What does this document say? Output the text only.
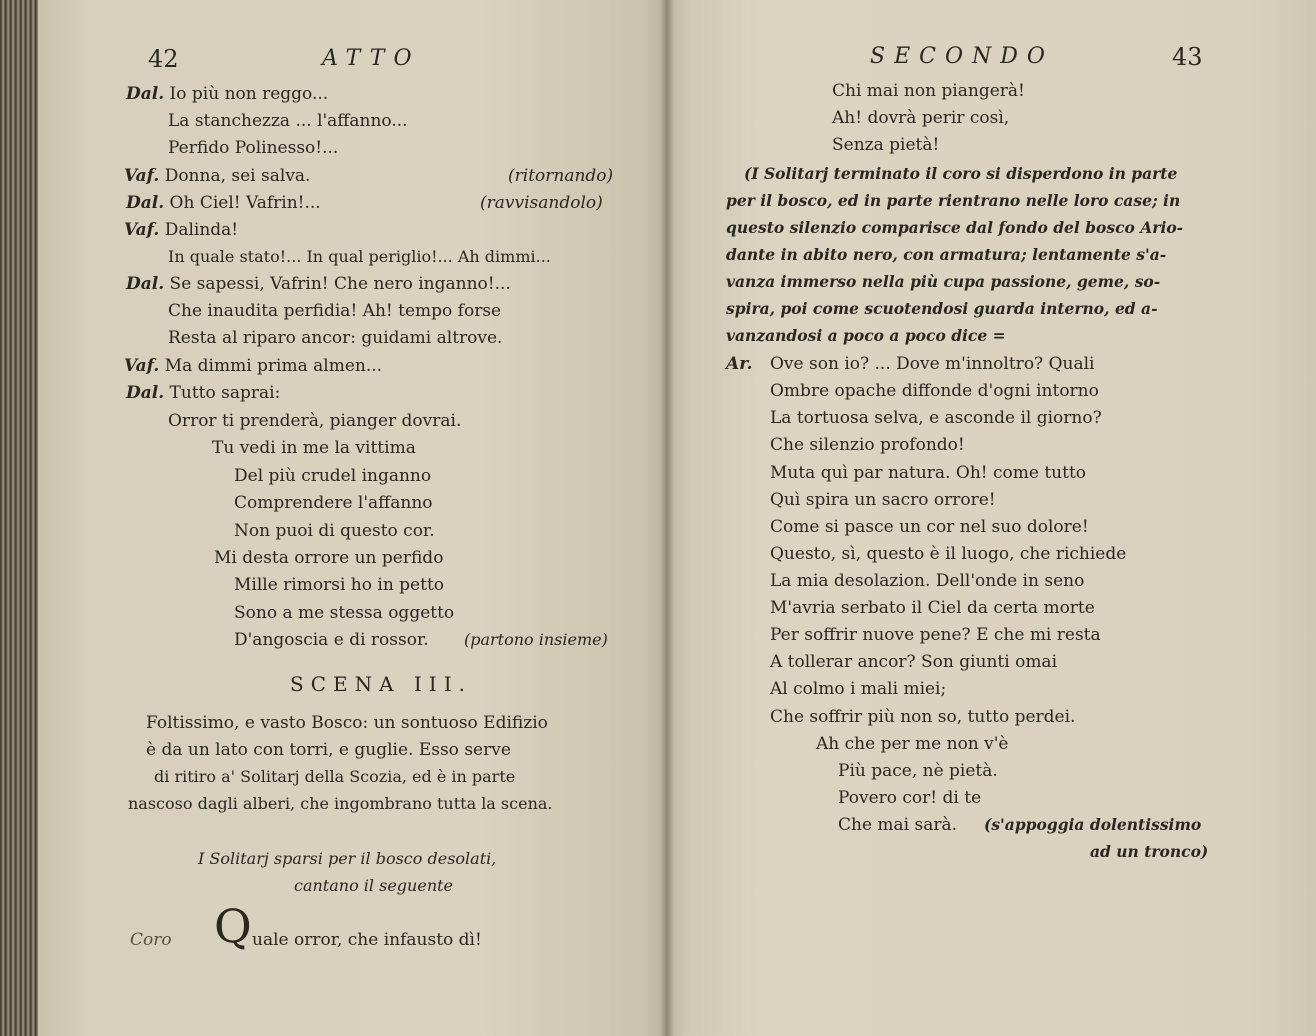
42	ATTO
Dal. Io più non reggo...
La stanchezza ... l'affanno...
Perfido Polinesso!...
Vaf. Donna, sei salva.	(ritornando)
Dal. Oh Ciel! Vafrin!...	(ravvisandolo)
Vaf. Dalinda!
In quale stato!... In qual periglio!... Ah dimmi...
Dal. Se sapessi, Vafrin! Che nero inganno!...
Che inaudita perfidia! Ah! tempo forse
Resta al riparo ancor: guidami altrove.
Vaf. Ma dimmi prima almen...
Dal. Tutto saprai:
Orror ti prenderà, pianger dovrai.
Tu vedi in me la vittima
Del più crudel inganno
Comprendere l'affanno
Non puoi di questo cor.
Mi desta orrore un perfido
Mille rimorsi ho in petto
Sono a me stessa oggetto
D'angoscia e di rossor. (partono insieme)
SCENA III.
Foltissimo, e vasto Bosco: un sontuoso Edifizio
è da un lato con torri, e guglie. Esso serve
di ritiro a' Solitarj della Scozia, ed è in parte
nascoso dagli alberi, che ingombrano tutta la scena.
I Solitarj sparsi per il bosco desolati,
cantano il seguente
Coro Q uale orror, che infausto dì!
SECONDO	43
Chi mai non piangerà!
Ah! dovrà perir così,
Senza pietà!
(I Solitarj terminato il coro si disperdono in parte
per il bosco, ed in parte rientrano nelle loro case; in
questo silenzio comparisce dal fondo del bosco Ario-
dante in abito nero, con armatura; lentamente s'a-
vanza immerso nella più cupa passione, geme, so-
spira, poi come scuotendosi guarda interno, ed a-
vanzandosi a poco a poco dice =
Ar. Ove son io? ... Dove m'innoltro? Quali
Ombre opache diffonde d'ogni intorno
La tortuosa selva, e asconde il giorno?
Che silenzio profondo!
Muta quì par natura. Oh! come tutto
Quì spira un sacro orrore!
Come si pasce un cor nel suo dolore!
Questo, sì, questo è il luogo, che richiede
La mia desolazion. Dell'onde in seno
M'avria serbato il Ciel da certa morte
Per soffrir nuove pene? E che mi resta
A tollerar ancor? Son giunti omai
Al colmo i mali miei;
Che soffrir più non so, tutto perdei.
Ah che per me non v'è
Più pace, nè pietà.
Povero cor! di te
Che mai sarà. (s'appoggia dolentissimo
ad un tronco)
